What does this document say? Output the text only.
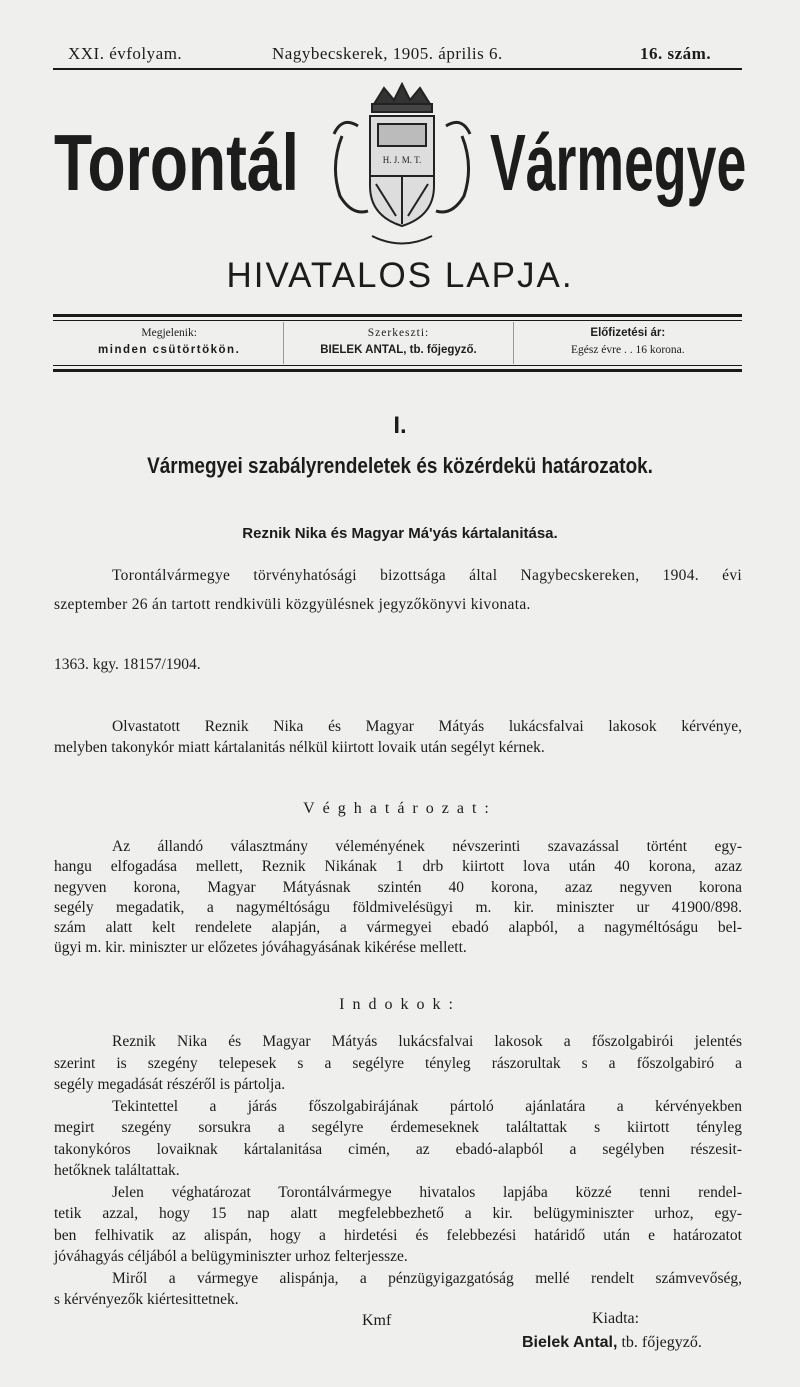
XXI. évfolyam.	Nagybecskerek, 1905. április 6.	16. szám.
Torontál Vármegye
H. J. M. T.
HIVATALOS LAPJA.
Megjelenik:
minden csütörtökön.
Szerkeszti:
BIELEK ANTAL, tb. főjegyző.
Előfizetési ár:
Egész évre . . 16 korona.
I.
Vármegyei szabályrendeletek és közérdekü határozatok.
Reznik Nika és Magyar Má'yás kártalanitása.
Torontálvármegye törvényhatósági bizottsága által Nagybecskereken, 1904. évi
szeptember 26 án tartott rendkivüli közgyülésnek jegyzőkönyvi kivonata.
1363. kgy. 18157/1904.
Olvastatott Reznik Nika és Magyar Mátyás lukácsfalvai lakosok kérvénye,
melyben takonykór miatt kártalanitás nélkül kiirtott lovaik után segélyt kérnek.
Véghatározat:
Az állandó választmány véleményének névszerinti szavazással történt egy-
hangu elfogadása mellett, Reznik Nikának 1 drb kiirtott lova után 40 korona, azaz
negyven korona, Magyar Mátyásnak szintén 40 korona, azaz negyven korona
segély megadatik, a nagyméltóságu földmivelésügyi m. kir. miniszter ur 41900/898.
szám alatt kelt rendelete alapján, a vármegyei ebadó alapból, a nagyméltóságu bel-
ügyi m. kir. miniszter ur előzetes jóváhagyásának kikérése mellett.
Indokok:
Reznik Nika és Magyar Mátyás lukácsfalvai lakosok a főszolgabirói jelentés
szerint is szegény telepesek s a segélyre tényleg rászorultak s a főszolgabiró a
segély megadását részéről is pártolja.
Tekintettel a járás főszolgabirájának pártoló ajánlatára a kérvényekben
megirt szegény sorsukra a segélyre érdemeseknek találtattak s kiirtott tényleg
takonykóros lovaiknak kártalanitása cimén, az ebadó-alapból a segélyben részesit-
hetőknek találtattak.
Jelen véghatározat Torontálvármegye hivatalos lapjába közzé tenni rendel-
tetik azzal, hogy 15 nap alatt megfelebbezhető a kir. belügyminiszter urhoz, egy-
ben felhivatik az alispán, hogy a hirdetési és felebbezési határidő után e határozatot
jóváhagyás céljából a belügyminiszter urhoz felterjessze.
Miről a vármegye alispánja, a pénzügyigazgatóság mellé rendelt számvevőség,
s kérvényezők kiértesittetnek.
Kmf	Kiadta:
Bielek Antal, tb. főjegyző.
